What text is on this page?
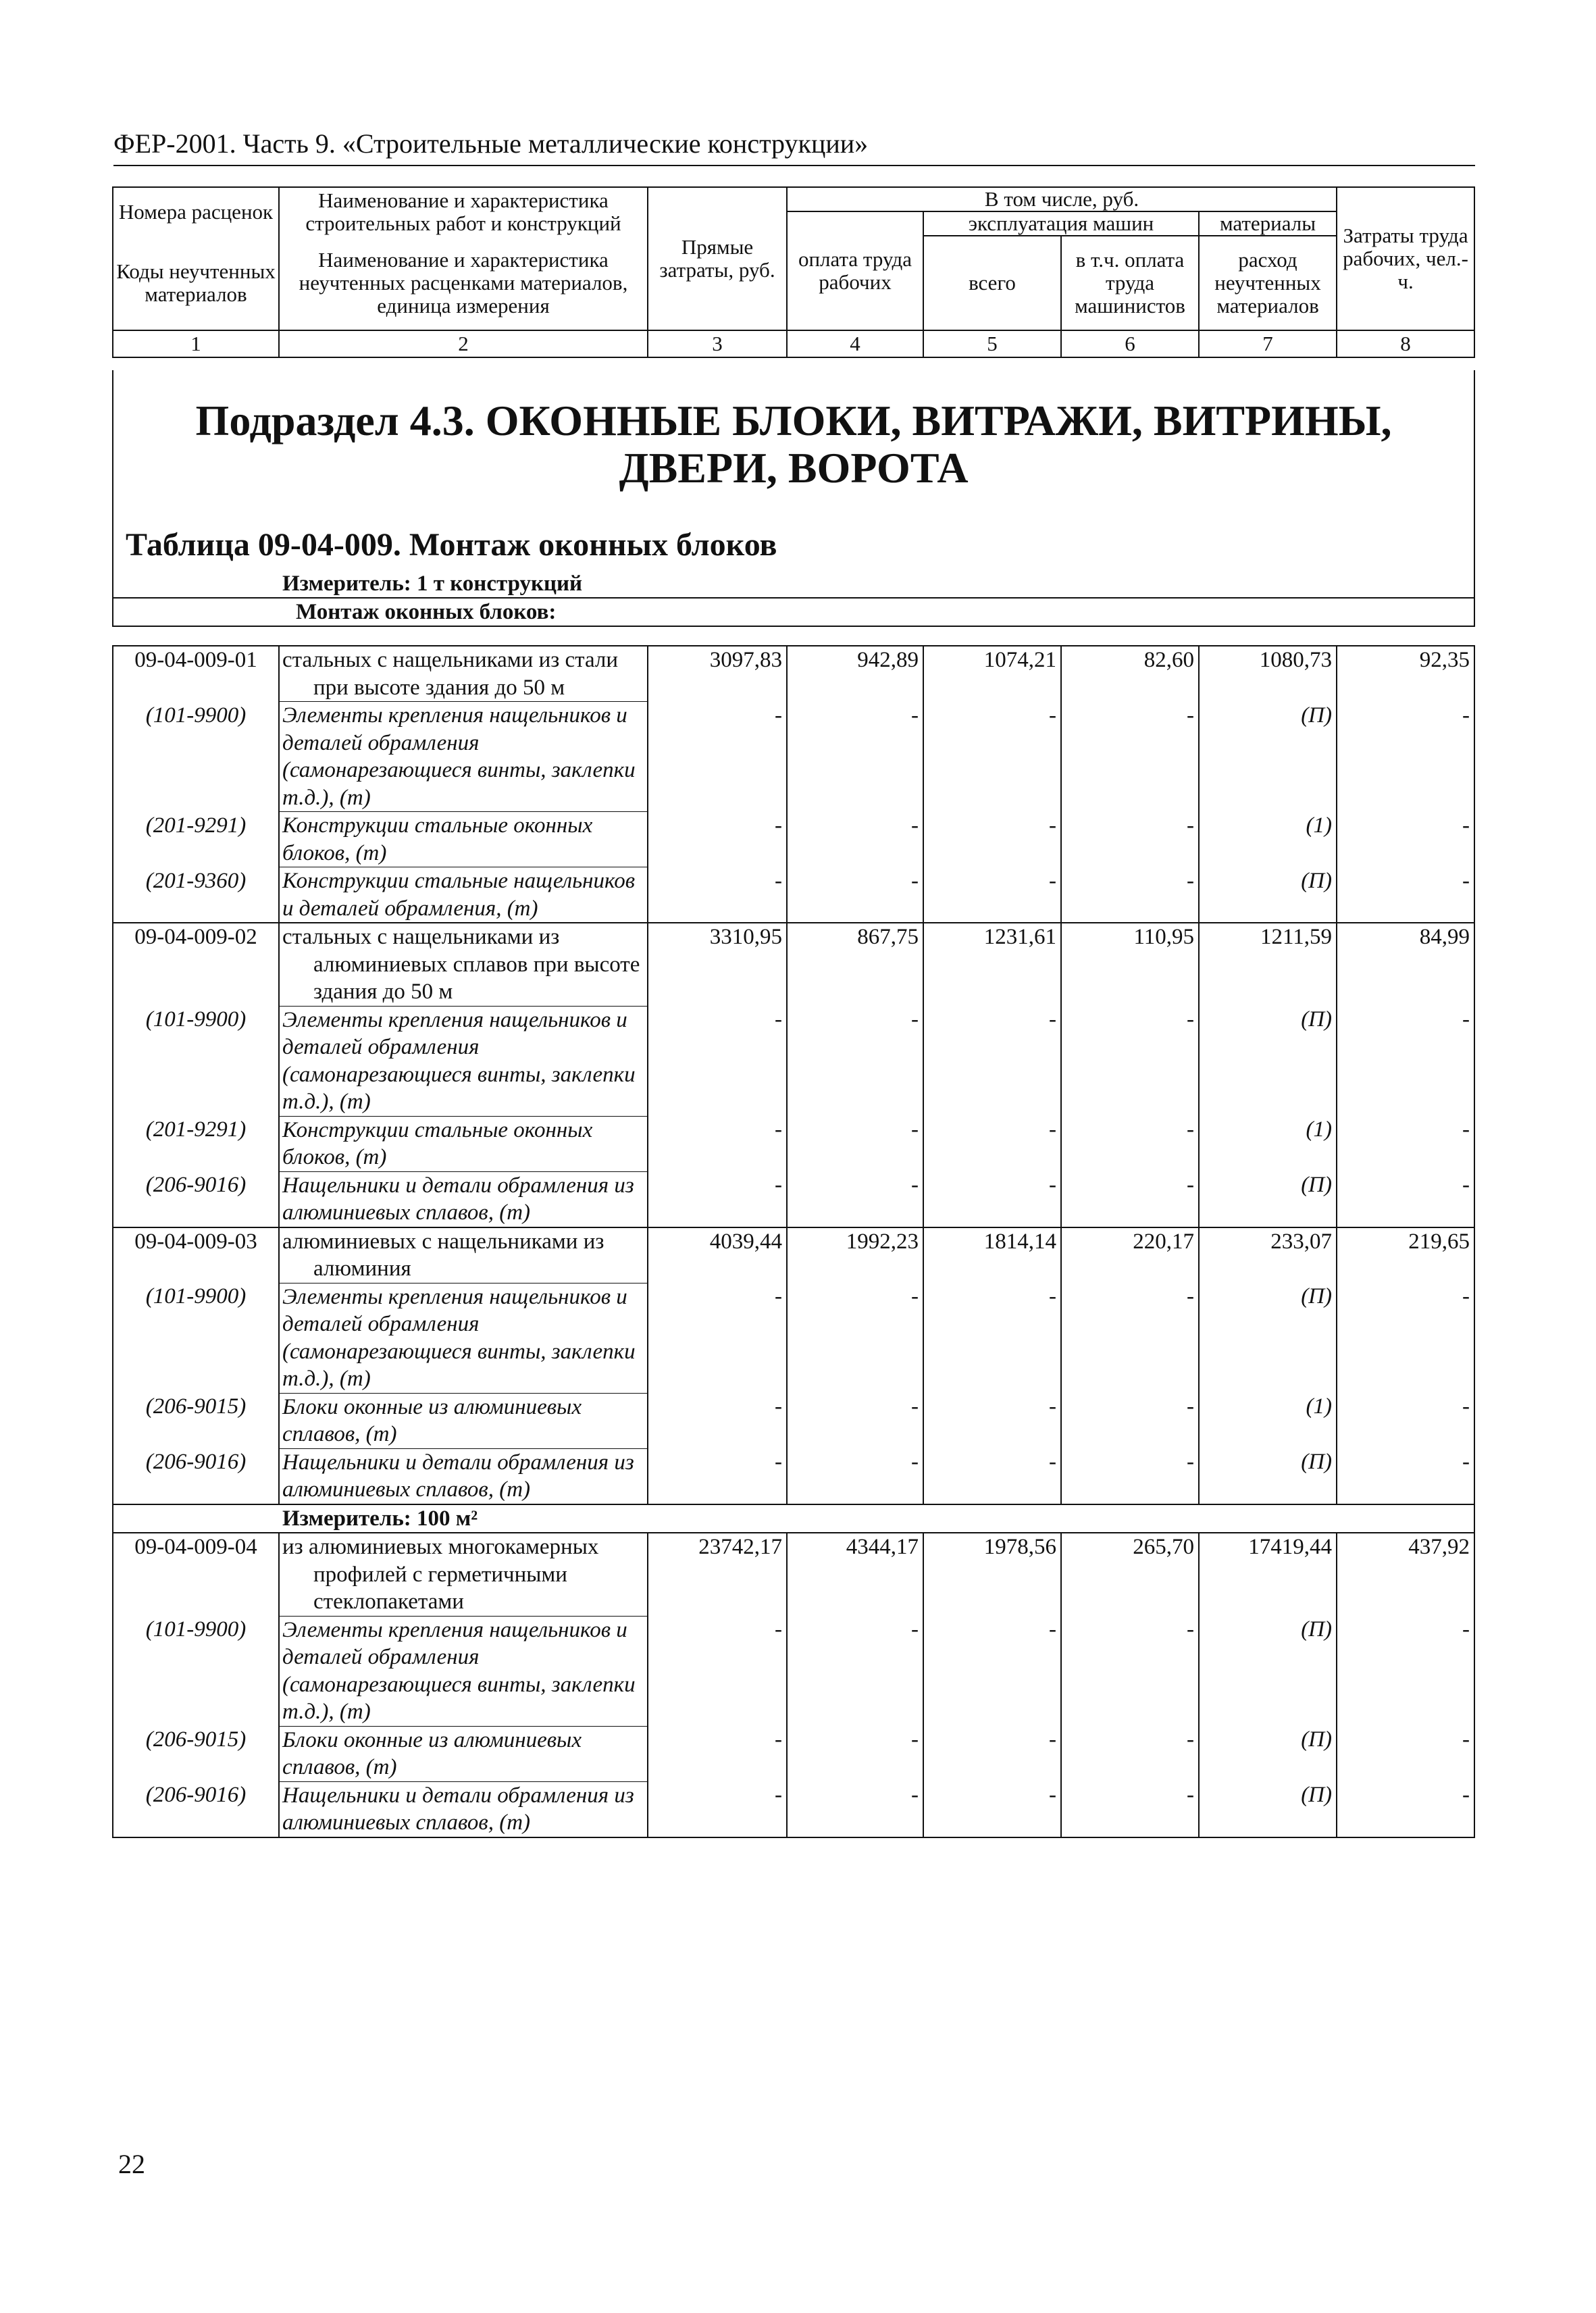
ФЕР-2001. Часть 9. «Строительные металлические конструкции»
Номера расценок	Наименование и характеристика строительных работ и конструкций	Прямые затраты, руб.	В том числе, руб.				Затраты труда рабочих, чел.-ч.
			оплата труда рабочих	эксплуатация машин		материалы	
Коды неучтенных материалов	Наименование и характеристика неучтенных расценками материалов, единица измерения			всего	в т.ч. оплата труда машинистов	расход неучтенных материалов	

1	2	3	4	5	6	7	8
Подраздел 4.3. ОКОННЫЕ БЛОКИ, ВИТРАЖИ, ВИТРИНЫ, ДВЕРИ, ВОРОТА
Таблица 09-04-009. Монтаж оконных блоков

Измеритель: 1 т конструкций
Монтаж оконных блоков:
09-04-009-01	стальных с нащельниками из стали при высоте здания до 50 м	3097,83	942,89	1074,21	82,60	1080,73	92,35
(101-9900)	Элементы крепления нащельников и деталей обрамления (самонарезающиеся винты, заклепки т.д.), (т)	-	-	-	-	(П)	-
(201-9291)	Конструкции стальные оконных блоков, (т)	-	-	-	-	(1)	-
(201-9360)	Конструкции стальные нащельников и деталей обрамления, (т)	-	-	-	-	(П)	-
09-04-009-02	стальных с нащельниками из алюминиевых сплавов при высоте здания до 50 м	3310,95	867,75	1231,61	110,95	1211,59	84,99
(101-9900)	Элементы крепления нащельников и деталей обрамления (самонарезающиеся винты, заклепки т.д.), (т)	-	-	-	-	(П)	-
(201-9291)	Конструкции стальные оконных блоков, (т)	-	-	-	-	(1)	-
(206-9016)	Нащельники и детали обрамления из алюминиевых сплавов, (т)	-	-	-	-	(П)	-
09-04-009-03	алюминиевых с нащельниками из алюминия	4039,44	1992,23	1814,14	220,17	233,07	219,65
(101-9900)	Элементы крепления нащельников и деталей обрамления (самонарезающиеся винты, заклепки т.д.), (т)	-	-	-	-	(П)	-
(206-9015)	Блоки оконные из алюминиевых сплавов, (т)	-	-	-	-	(1)	-
(206-9016)	Нащельники и детали обрамления из алюминиевых сплавов, (т)	-	-	-	-	(П)	-
Измеритель: 100 м²							
09-04-009-04	из алюминиевых многокамерных профилей с герметичными стеклопакетами	23742,17	4344,17	1978,56	265,70	17419,44	437,92
(101-9900)	Элементы крепления нащельников и деталей обрамления (самонарезающиеся винты, заклепки т.д.), (т)	-	-	-	-	(П)	-
(206-9015)	Блоки оконные из алюминиевых сплавов, (т)	-	-	-	-	(П)	-
(206-9016)	Нащельники и детали обрамления из алюминиевых сплавов, (т)	-	-	-	-	(П)	-
22
